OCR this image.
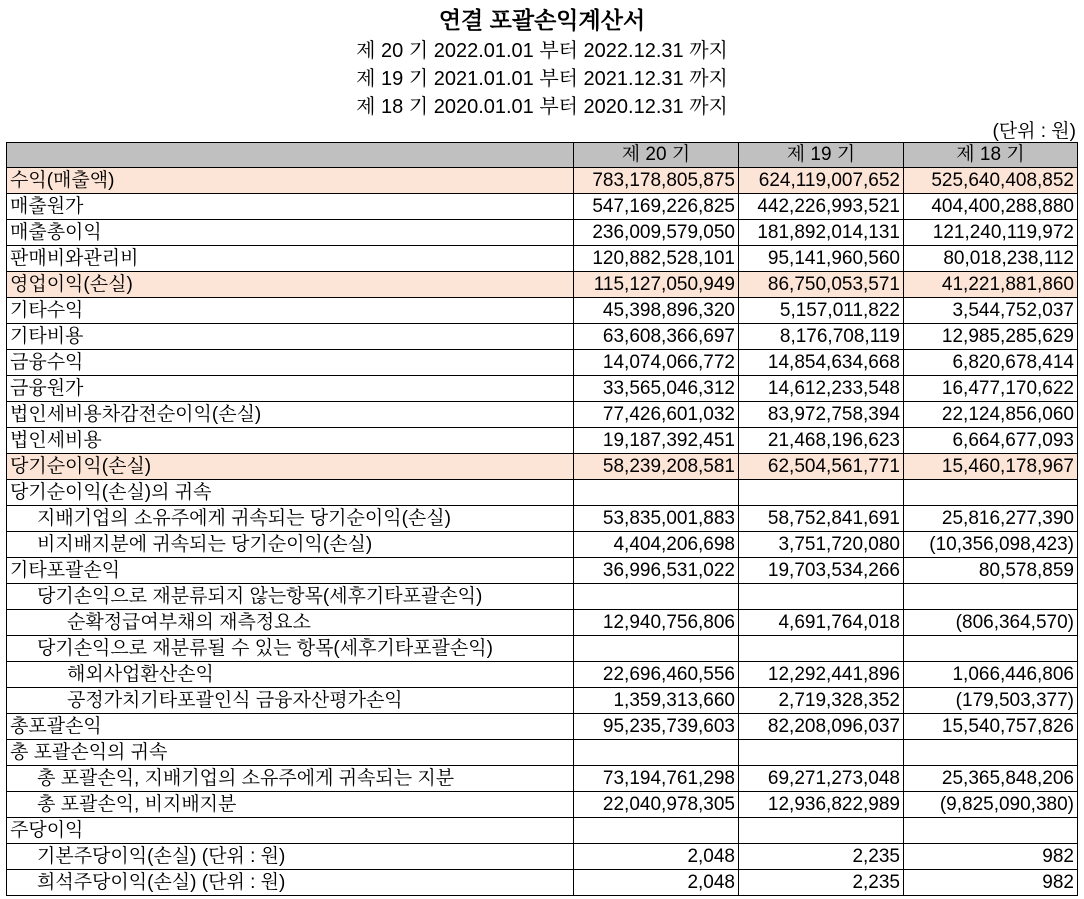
연결 포괄손익계산서
제 20 기 2022.01.01 부터 2022.12.31 까지
제 19 기 2021.01.01 부터 2021.12.31 까지
제 18 기 2020.01.01 부터 2020.12.31 까지
(단위 : 원)
	제 20 기	제 19 기	제 18 기
수익(매출액)	783,178,805,875	624,119,007,652	525,640,408,852
매출원가	547,169,226,825	442,226,993,521	404,400,288,880
매출총이익	236,009,579,050	181,892,014,131	121,240,119,972
판매비와관리비	120,882,528,101	95,141,960,560	80,018,238,112
영업이익(손실)	115,127,050,949	86,750,053,571	41,221,881,860
기타수익	45,398,896,320	5,157,011,822	3,544,752,037
기타비용	63,608,366,697	8,176,708,119	12,985,285,629
금융수익	14,074,066,772	14,854,634,668	6,820,678,414
금융원가	33,565,046,312	14,612,233,548	16,477,170,622
법인세비용차감전순이익(손실)	77,426,601,032	83,972,758,394	22,124,856,060
법인세비용	19,187,392,451	21,468,196,623	6,664,677,093
당기순이익(손실)	58,239,208,581	62,504,561,771	15,460,178,967
당기순이익(손실)의 귀속			
지배기업의 소유주에게 귀속되는 당기순이익(손실)	53,835,001,883	58,752,841,691	25,816,277,390
비지배지분에 귀속되는 당기순이익(손실)	4,404,206,698	3,751,720,080	(10,356,098,423)
기타포괄손익	36,996,531,022	19,703,534,266	80,578,859
당기손익으로 재분류되지 않는항목(세후기타포괄손익)			
순확정급여부채의 재측정요소	12,940,756,806	4,691,764,018	(806,364,570)
당기손익으로 재분류될 수 있는 항목(세후기타포괄손익)			
해외사업환산손익	22,696,460,556	12,292,441,896	1,066,446,806
공정가치기타포괄인식 금융자산평가손익	1,359,313,660	2,719,328,352	(179,503,377)
총포괄손익	95,235,739,603	82,208,096,037	15,540,757,826
총 포괄손익의 귀속			
총 포괄손익, 지배기업의 소유주에게 귀속되는 지분	73,194,761,298	69,271,273,048	25,365,848,206
총 포괄손익, 비지배지분	22,040,978,305	12,936,822,989	(9,825,090,380)
주당이익			
기본주당이익(손실) (단위 : 원)	2,048	2,235	982
희석주당이익(손실) (단위 : 원)	2,048	2,235	982
